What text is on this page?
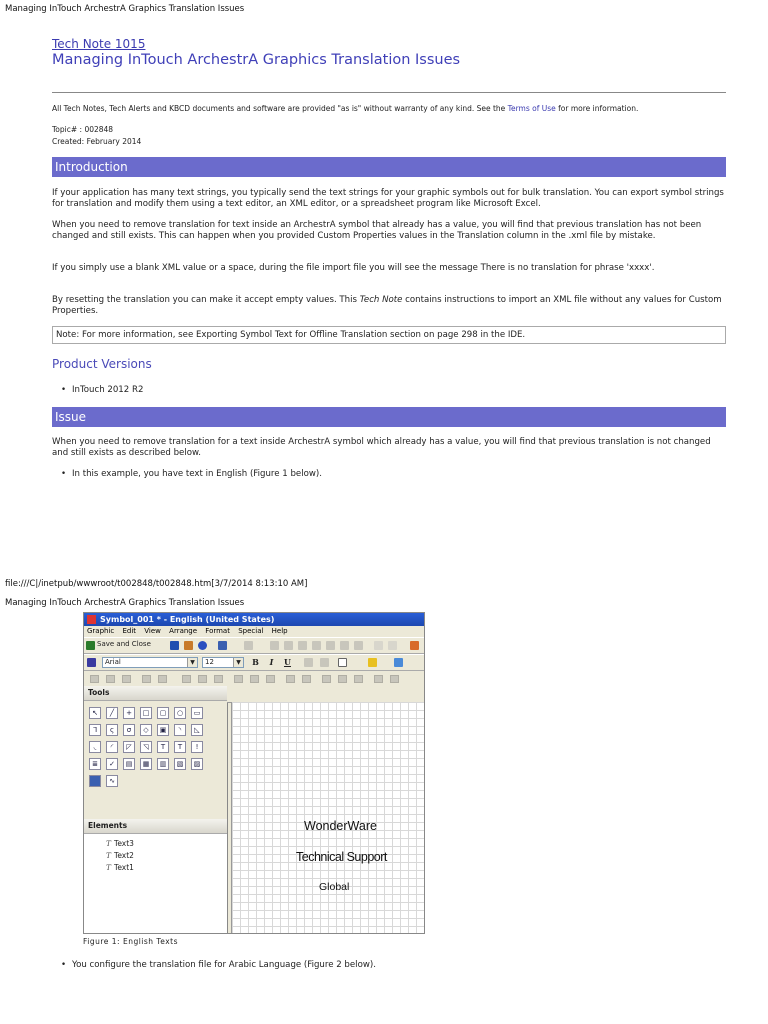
Managing InTouch ArchestrA Graphics Translation Issues
Tech Note 1015
Managing InTouch ArchestrA Graphics Translation Issues
All Tech Notes, Tech Alerts and KBCD documents and software are provided "as is" without warranty of any kind. See the Terms of Use for more information.
Topic# : 002848
Created: February 2014
Introduction
If your application has many text strings, you typically send the text strings for your graphic symbols out for bulk translation. You can export symbol strings for translation and modify them using a text editor, an XML editor, or a spreadsheet program like Microsoft Excel.
When you need to remove translation for text inside an ArchestrA symbol that already has a value, you will find that previous translation has not been changed and still exists. This can happen when you provided Custom Properties values in the Translation column in the .xml file by mistake.
If you simply use a blank XML value or a space, during the file import file you will see the message There is no translation for phrase 'xxxx'.
By resetting the translation you can make it accept empty values. This Tech Note contains instructions to import an XML file without any values for Custom Properties.
Note: For more information, see Exporting Symbol Text for Offline Translation section on page 298 in the IDE.
Product Versions
• InTouch 2012 R2
Issue
When you need to remove translation for a text inside ArchestrA symbol which already has a value, you will find that previous translation is not changed and still exists as described below.
• In this example, you have text in English (Figure 1 below).
file:///C|/inetpub/wwwroot/t002848/t002848.htm[3/7/2014 8:13:10 AM]
Managing InTouch ArchestrA Graphics Translation Issues
Symbol_001 * - English (United States)
Graphic Edit View Arrange Format Special Help
Save and Close
Arial	▼	12	▼ B	I	U
Tools
↖	╱	+	□	▢	○	▭
ᒣ	ς	σ	◇	▣	◝	◺
◟	◜	◸	◹	T	T	!
≣	✓	▤	▦	▥	▧	▨
∿
Elements
T Text3
T Text2
T Text1
WonderWare
Technical Support
Global
Figure 1: English Texts
• You configure the translation file for Arabic Language (Figure 2 below).
